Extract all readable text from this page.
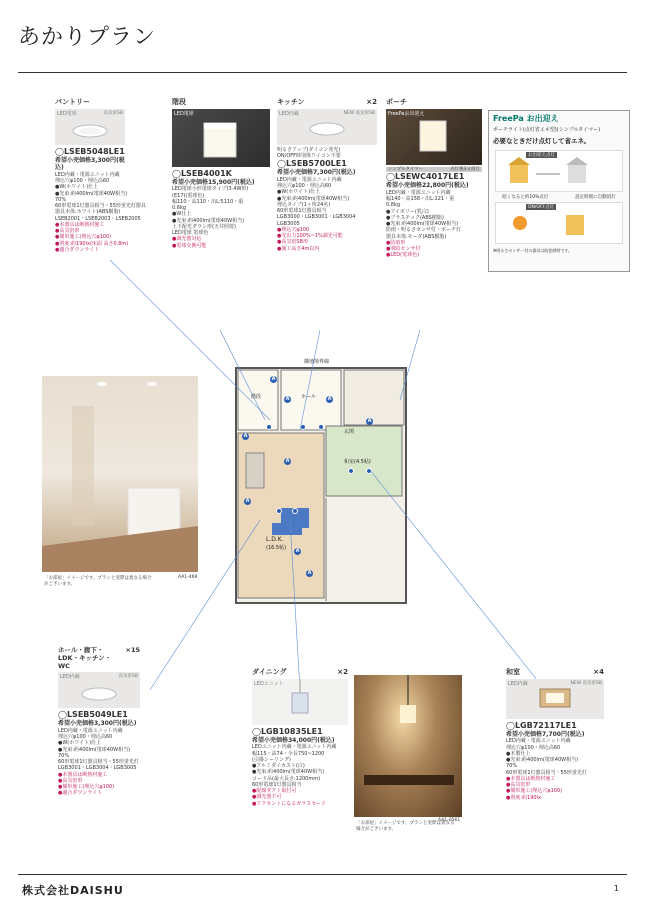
あかりプラン
パントリー
LED電球	高気密SB
◯LSEB5048LE1
希望小売価格3,300円(税込)
LED内蔵・電源ユニット内蔵
埋込穴φ100・埋込高60
●W(ホワイト)仕上
●光束:約400lm(電球40W相当)
70%
60形電球1灯器具相当・55形蛍光灯器具
器具本体:ホワイト(ABS樹脂)
LSEB2001・LSEB2003・LSEB2005
●本器具は断熱材施工
●高気密形
●簡単施工(埋込穴φ100)
●照度:約190lx(床面 高さ0.8m)
●適合ダウンライト
階段
LED電球
◯LSEB4001K
希望小売価格15,900円(税込)
LED電球小形電球タイプ(3.4W形)
(E17)(電球色)
幅110・高110・出L:5110・重
0.6kg
●W仕上
●光束:約400lm(電球40W相当)
上下配光ダウン形(天井照射)
LED電球 電球色
●調光器対応
●電球交換可能
キッチン	×2
LED内蔵	NEW 高気密SB
明るさアップ(ダイコン発光)
ON/OFF時別体ワイコン不要
◯LSEB5700LE1
希望小売価格7,300円(税込)
LED内蔵・電源ユニット内蔵
埋込穴φ100・埋込高60
●W(ホワイト)仕上
●光束:約400lm(電球40W相当)
埋込タイプ(1ヶ所24名)
60形電球1灯器具相当
LGB3000・LGB3001・LGB3004
LGB3005
●埋込穴φ100
●光出力100%~1%調光可能
●高気密SB形
●施工高さ4m以内
ポーチ
FreePaお出迎え
シンプルタイマー	点灯後3分消灯
◯LSEWC4017LE1
希望小売価格22,800円(税込)
LED内蔵・電源ユニット内蔵
幅140・高158・出L:121・重
0.8kg
●アイボリー(乳白)
●プラスチック(ABS樹脂)
●光束:約400lm(電球40W相当)
防雨・明るさセンサ付・ポーチ灯
器具本体:モーダ(ABS樹脂)
●防雨形
●明暗センサ付
●LED(電球色)
FreePa お出迎え
ポーチライト(点灯省エネ型)(シンプルタイマー)
必要なときだけ点灯して省エネ。
お出迎え点灯
暗くなると約10%点灯	設定時刻に自動消灯
ON/OFF点灯
※明るさセンサー付の器具は防犯照明です。
「お部屋」イメージです。プランと実際は異なる場合がございます。
AA1-469
隣地境界線
L.D.K.
(16.5帖)
和室(4.5帖)
ホール
玄関
階段
A
A	A
A
A
A
A
A
A
ホール・廊下・
LDK・キッチン・
WC
×15
LED内蔵	高気密SB
◯LSEB5049LE1
希望小売価格3,300円(税込)
LED内蔵・電源ユニット内蔵
埋込穴φ100・埋込高60
●W(ホワイト)仕上
●光束:約400lm(電球40W相当)
70%
60形電球1灯器具相当・55形蛍光灯
LGB3001・LGB3004・LGB3005
●本器具は断熱材施工
●高気密形
●簡単施工(埋込穴φ100)
●適合ダウンライト
ダイニング	×2
LEDユニット
◯LGB10835LE1
希望小売価格34,000円(税込)
LEDユニット内蔵・電源ユニット内蔵
幅115・高74・全長750~1200
(引掛シーリング)
●アルミダイカスト(白)
●光束:約400lm(電球40W相当)
コード吊(最大長さ:1200mm)
60形電球1灯器具相当
●配線ダクト取付可
●調光器不可
●アクセントになるガラスセード
「お部屋」イメージです。プランと実際は異なる場合がございます。
AA1-0561
和室	×4
LED内蔵	NEW 高気密SB
◯LGB72117LE1
希望小売価格7,700円(税込)
LED内蔵・電源ユニット内蔵
埋込穴φ100・埋込高60
●木製仕上
●光束:約400lm(電球40W相当)
70%
60形電球1灯器具相当・55形蛍光灯
●本器具は断熱材施工
●高気密形
●簡単施工(埋込穴φ100)
●照度:約190lx
株式会社DAISHU	1
